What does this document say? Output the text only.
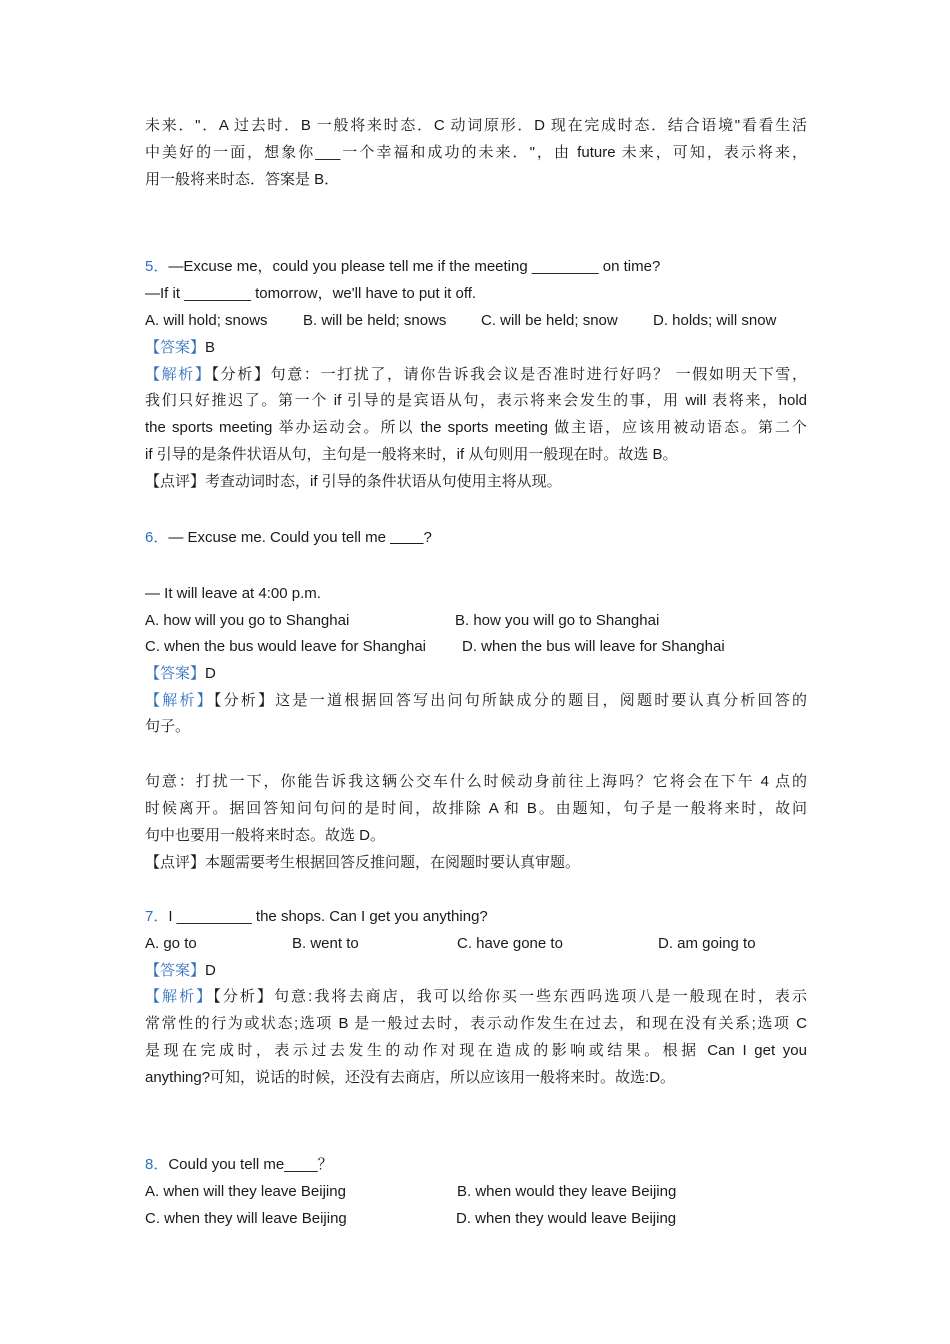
未来．"．A 过去时．B 一般将来时态．C 动词原形．D 现在完成时态．结合语境"看看生活
中美好的一面，想象你___一个幸福和成功的未来．"，由 future 未来，可知，表示将来，
用一般将来时态．答案是 B．
5．—Excuse me，could you please tell me if the meeting ________ on time?
—If it ________ tomorrow，we'll have to put it off.
A. will hold; snows B. will be held; snows C. will be held; snow D. holds; will snow
【答案】B
【解析】【分析】句意：一打扰了，请你告诉我会议是否准时进行好吗？ 一假如明天下雪，
我们只好推迟了。第一个 if 引导的是宾语从句，表示将来会发生的事，用 will 表将来，hold
the sports meeting 举办运动会。所以 the sports meeting 做主语，应该用被动语态。第二个
if 引导的是条件状语从句，主句是一般将来时，if 从句则用一般现在时。故选 B。
【点评】考查动词时态，if 引导的条件状语从句使用主将从现。
6．— Excuse me. Could you tell me ____?
— It will leave at 4:00 p.m.
A. how will you go to Shanghai	B. how you will go to Shanghai
C. when the bus would leave for Shanghai D. when the bus will leave for Shanghai
【答案】D
【解析】【分析】这是一道根据回答写出问句所缺成分的题目，阅题时要认真分析回答的
句子。
句意：打扰一下，你能告诉我这辆公交车什么时候动身前往上海吗？它将会在下午 4 点的
时候离开。据回答知问句问的是时间，故排除 A 和 B。由题知，句子是一般将来时，故问
句中也要用一般将来时态。故选 D。
【点评】本题需要考生根据回答反推问题，在阅题时要认真审题。
7．I _________ the shops. Can I get you anything?
A. go to	B. went to	C. have gone to	D. am going to
【答案】D
【解析】【分析】句意:我将去商店，我可以给你买一些东西吗选项八是一般现在时，表示
常常性的行为或状态;选项 B 是一般过去时，表示动作发生在过去，和现在没有关系;选项 C
是现在完成时，表示过去发生的动作对现在造成的影响或结果。根据 Can I get you
anything?可知，说话的时候，还没有去商店，所以应该用一般将来时。故选:D。
8．Could you tell me____？
A. when will they leave Beijing	B. when would they leave Beijing
C. when they will leave Beijing	D. when they would leave Beijing
